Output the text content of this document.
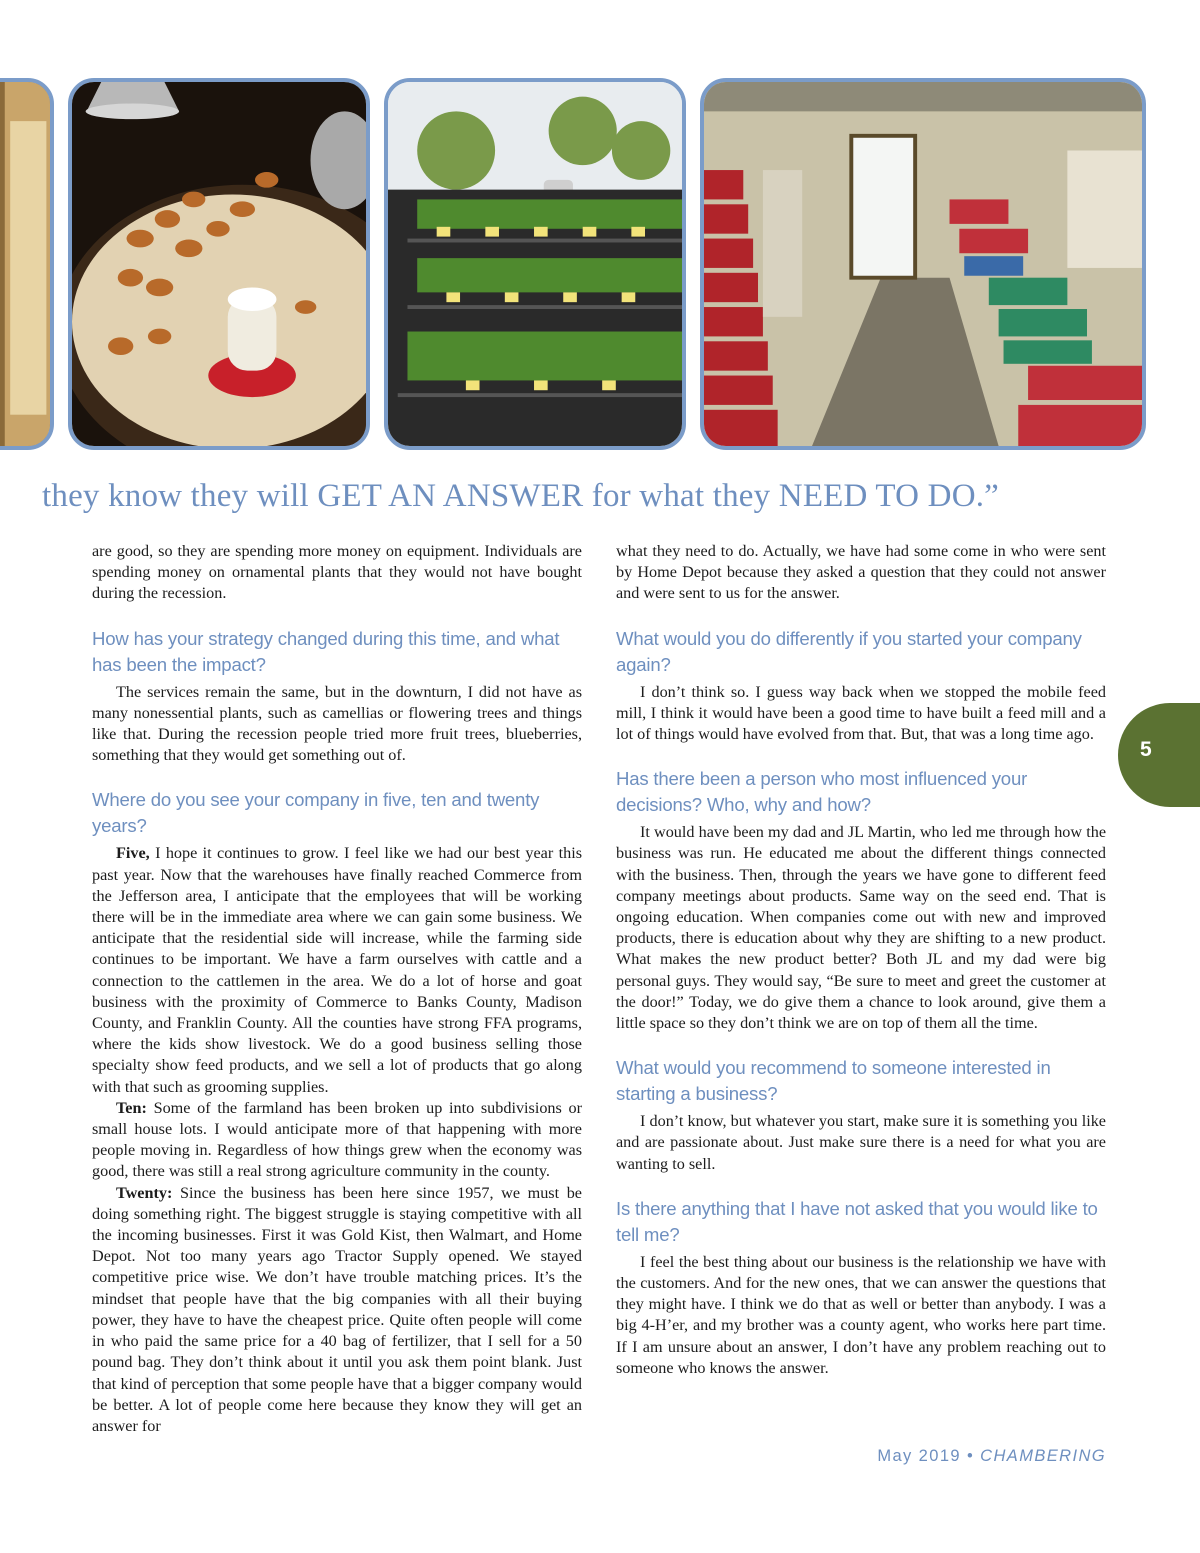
they know they will GET AN ANSWER for what they NEED TO DO.”

are good, so they are spending more money on equipment. Individuals are spending money on ornamental plants that they would not have bought during the recession.

How has your strategy changed during this time, and what has been the impact?

The services remain the same, but in the downturn, I did not have as many nonessential plants, such as camellias or flowering trees and things like that. During the recession people tried more fruit trees, blueberries, something that they would get something out of.

Where do you see your company in five, ten and twenty years?

Five, I hope it continues to grow. I feel like we had our best year this past year. Now that the warehouses have finally reached Commerce from the Jefferson area, I anticipate that the employees that will be working there will be in the immediate area where we can gain some business. We anticipate that the residential side will increase, while the farming side continues to be important. We have a farm ourselves with cattle and a connection to the cattlemen in the area. We do a lot of horse and goat business with the proximity of Commerce to Banks County, Madison County, and Franklin County. All the counties have strong FFA programs, where the kids show livestock. We do a good business selling those specialty show feed products, and we sell a lot of products that go along with that such as grooming supplies.

Ten: Some of the farmland has been broken up into subdivisions or small house lots. I would anticipate more of that happening with more people moving in. Regardless of how things grew when the economy was good, there was still a real strong agriculture community in the county.

Twenty: Since the business has been here since 1957, we must be doing something right. The biggest struggle is staying competitive with all the incoming businesses. First it was Gold Kist, then Walmart, and Home Depot. Not too many years ago Tractor Supply opened. We stayed competitive price wise. We don’t have trouble matching prices. It’s the mindset that people have that the big companies with all their buying power, they have to have the cheapest price. Quite often people will come in who paid the same price for a 40 bag of fertilizer, that I sell for a 50 pound bag. They don’t think about it until you ask them point blank. Just that kind of perception that some people have that a bigger company would be better. A lot of people come here because they know they will get an answer for

what they need to do. Actually, we have had some come in who were sent by Home Depot because they asked a question that they could not answer and were sent to us for the answer.

What would you do differently if you started your company again?

I don’t think so. I guess way back when we stopped the mobile feed mill, I think it would have been a good time to have built a feed mill and a lot of things would have evolved from that. But, that was a long time ago.

Has there been a person who most influenced your decisions? Who, why and how?

It would have been my dad and JL Martin, who led me through how the business was run. He educated me about the different things connected with the business. Then, through the years we have gone to different feed company meetings about products. Same way on the seed end. That is ongoing education. When companies come out with new and improved products, there is education about why they are shifting to a new product. What makes the new product better? Both JL and my dad were big personal guys. They would say, “Be sure to meet and greet the customer at the door!” Today, we do give them a chance to look around, give them a little space so they don’t think we are on top of them all the time.

What would you recommend to someone interested in starting a business?

I don’t know, but whatever you start, make sure it is something you like and are passionate about. Just make sure there is a need for what you are wanting to sell.

Is there anything that I have not asked that you would like to tell me?

I feel the best thing about our business is the relationship we have with the customers. And for the new ones, that we can answer the questions that they might have. I think we do that as well or better than anybody. I was a big 4-H’er, and my brother was a county agent, who works here part time. If I am unsure about an answer, I don’t have any problem reaching out to someone who knows the answer.

5
May 2019 • CHAMBERING
